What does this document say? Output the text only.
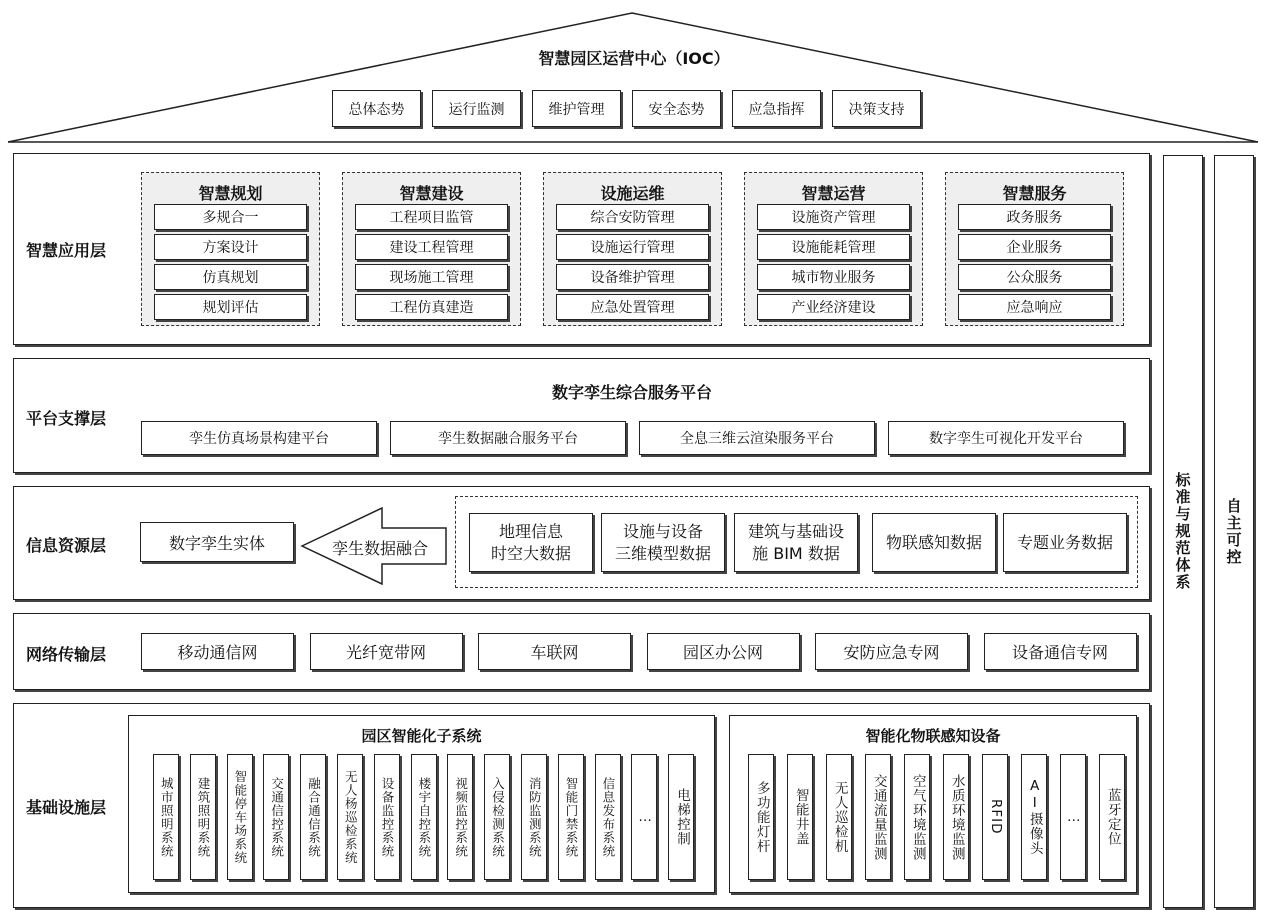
智慧园区运营中心（IOC）
总体态势	运行监测	维护管理	安全态势	应急指挥	决策支持
智慧应用层
智慧规划
多规合一
方案设计
仿真规划
规划评估
智慧建设
工程项目监管
建设工程管理
现场施工管理
工程仿真建造
设施运维
综合安防管理
设施运行管理
设备维护管理
应急处置管理
智慧运营
设施资产管理
设施能耗管理
城市物业服务
产业经济建设
智慧服务
政务服务
企业服务
公众服务
应急响应
平台支撑层
数字孪生综合服务平台
孪生仿真场景构建平台	孪生数据融合服务平台	全息三维云渲染服务平台	数字孪生可视化开发平台
信息资源层	数字孪生实体	孪生数据融合
地理信息
时空大数据
设施与设备
三维模型数据
建筑与基础设
施 BIM 数据
物联感知数据	专题业务数据
网络传输层	移动通信网	光纤宽带网	车联网	园区办公网	安防应急专网	设备通信专网
基础设施层
园区智能化子系统
城市照明系统 建筑照明系统 智能停车场系统 交通信控系统 融合通信系统 无人杨巡检系统 设备监控系统 楼宇自控系统 视频监控系统 入侵检测系统 消防监测系统 智能门禁系统 信息发布系统 … 电梯控制
智能化物联感知设备
多功能灯杆 智能井盖 无人巡检机 交通流量监测 空气环境监测 水质环境监测 RFID AI摄像头 … 蓝牙定位
标准与规范体系 自主可控
